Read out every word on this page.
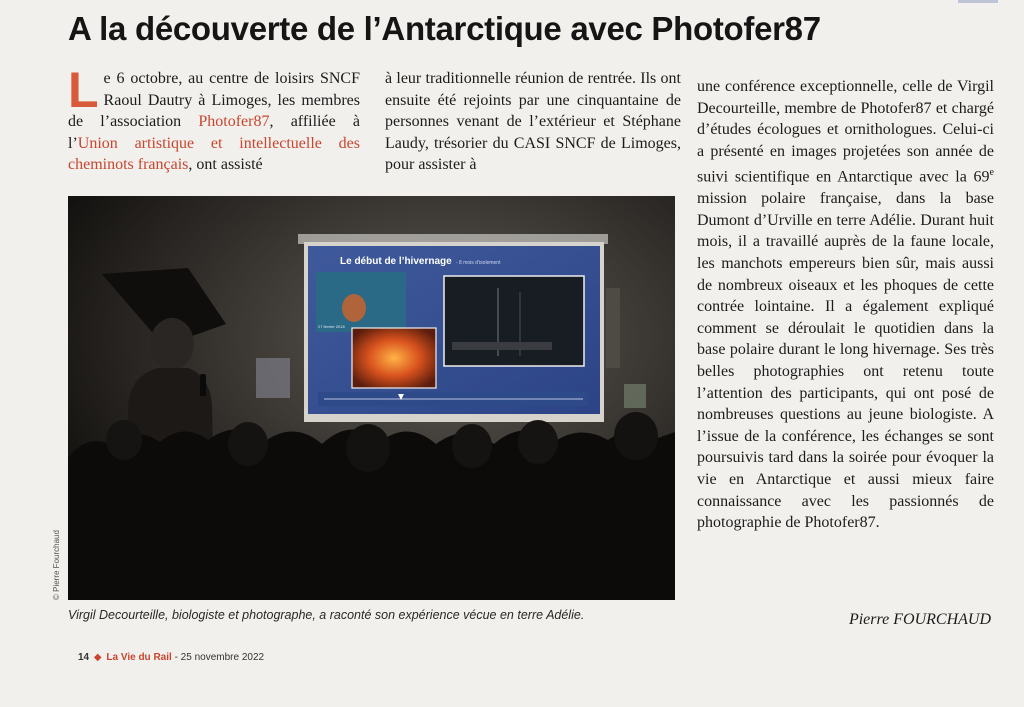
A la découverte de l’Antarctique avec Photofer87
Le 6 octobre, au centre de loisirs SNCF Raoul Dautry à Limoges, les membres de l’association Photofer87, affiliée à l’Union artistique et intellectuelle des cheminots français, ont assisté
à leur traditionnelle réunion de rentrée. Ils ont ensuite été rejoints par une cinquantaine de personnes venant de l’extérieur et Stéphane Laudy, trésorier du CASI SNCF de Limoges, pour assister à
une conférence exceptionnelle, celle de Virgil Decourteille, membre de Photofer87 et chargé d’études écologues et ornithologues. Celui-ci a présenté en images projetées son année de suivi scientifique en Antarctique avec la 69e mission polaire française, dans la base Dumont d’Urville en terre Adélie. Durant huit mois, il a travaillé auprès de la faune locale, les manchots empereurs bien sûr, mais aussi de nombreux oiseaux et les phoques de cette contrée lointaine. Il a également expliqué comment se déroulait le quotidien dans la base polaire durant le long hivernage. Ses très belles photographies ont retenu toute l’attention des participants, qui ont posé de nombreuses questions au jeune biologiste. A l’issue de la conférence, les échanges se sont poursuivis tard dans la soirée pour évoquer la vie en Antarctique et aussi mieux faire connaissance avec les passionnés de photographie de Photofer87.
Le début de l’hivernage - 8 mois d’isolement
27 février 2018
© Pierre Fourchaud
Virgil Decourteille, biologiste et photographe, a raconté son expérience vécue en terre Adélie.	Pierre FOURCHAUD
14 ◆ La Vie du Rail - 25 novembre 2022
